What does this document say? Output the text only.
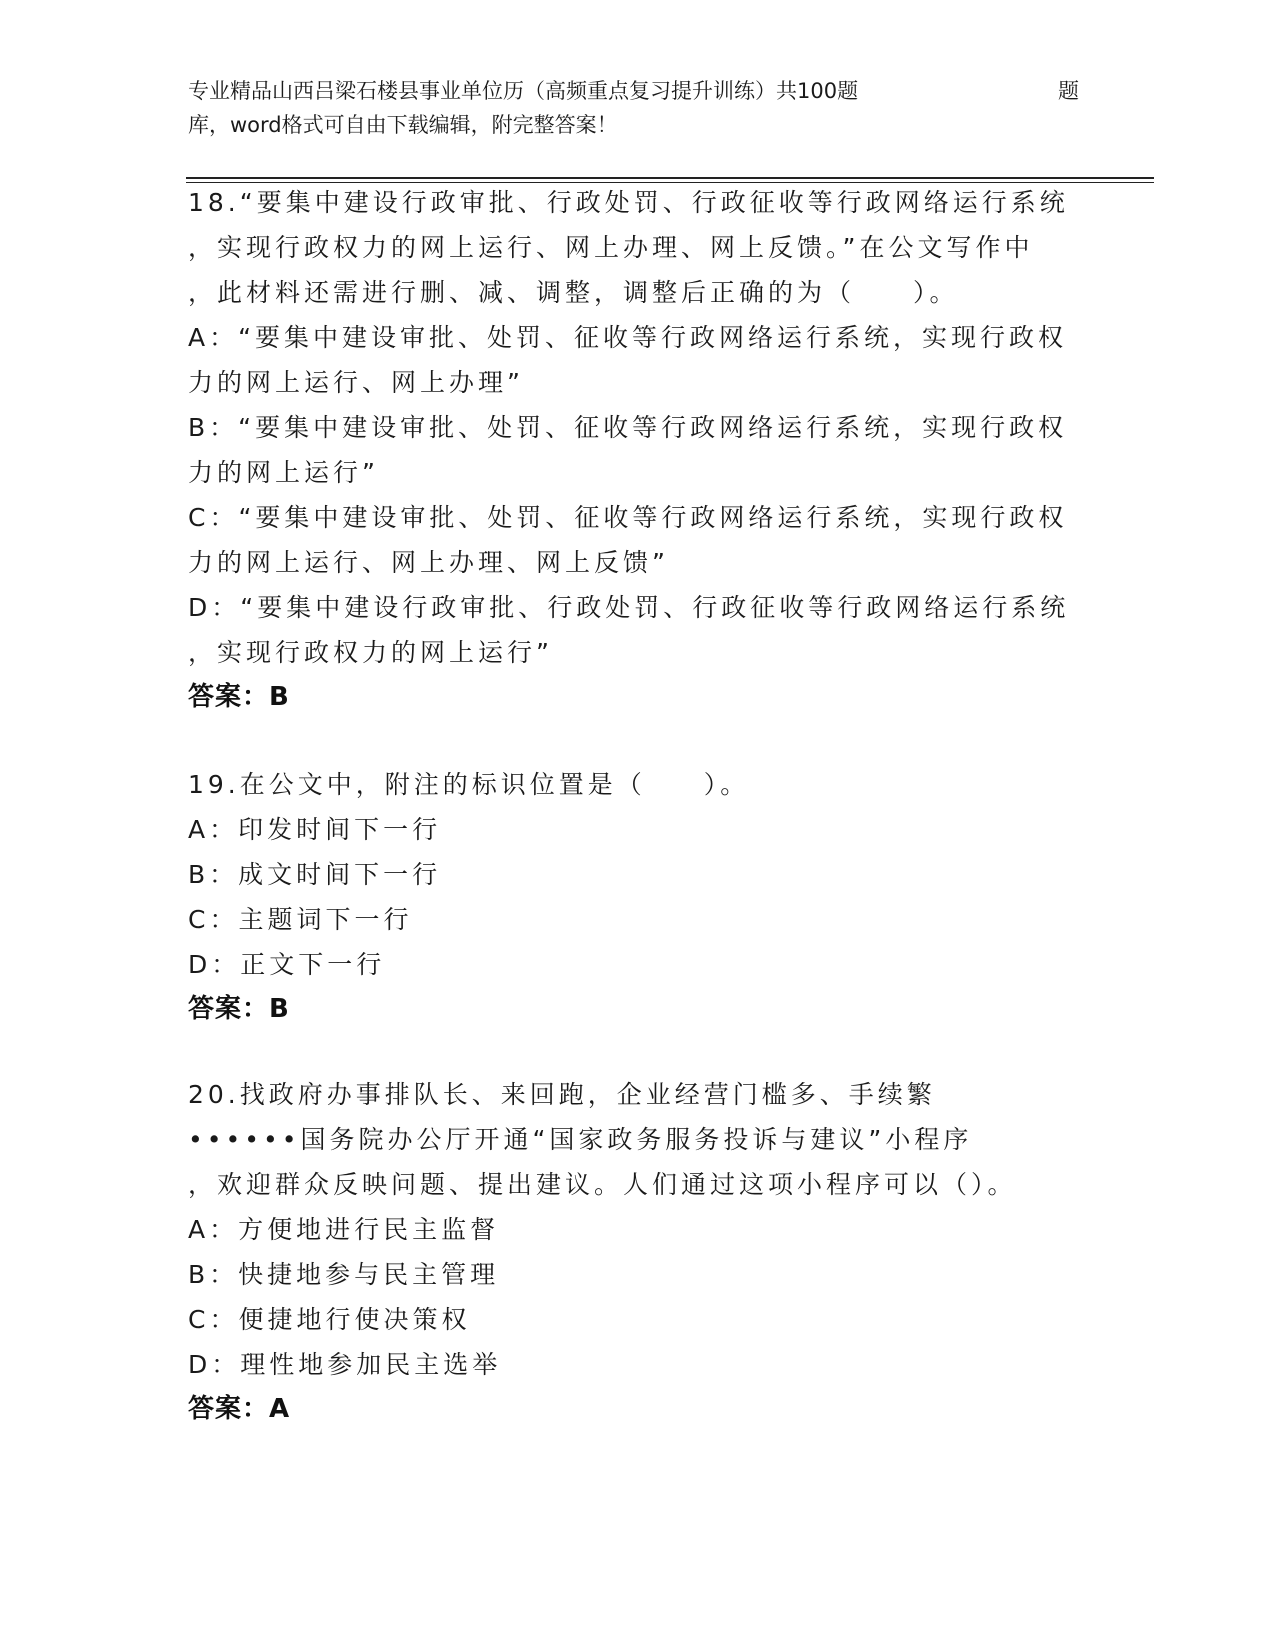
专业精品山西吕梁石楼县事业单位历（高频重点复习提升训练）共100题	题
库，word格式可自由下载编辑，附完整答案！
18.“要集中建设行政审批、行政处罚、行政征收等行政网络运行系统
，实现行政权力的网上运行、网上办理、网上反馈。”在公文写作中
，此材料还需进行删、减、调整，调整后正确的为（　　）。
A：“要集中建设审批、处罚、征收等行政网络运行系统，实现行政权
力的网上运行、网上办理”
B：“要集中建设审批、处罚、征收等行政网络运行系统，实现行政权
力的网上运行”
C：“要集中建设审批、处罚、征收等行政网络运行系统，实现行政权
力的网上运行、网上办理、网上反馈”
D：“要集中建设行政审批、行政处罚、行政征收等行政网络运行系统
，实现行政权力的网上运行”
答案：B
19.在公文中，附注的标识位置是（　　）。
A：印发时间下一行
B：成文时间下一行
C：主题词下一行
D：正文下一行
答案：B
20.找政府办事排队长、来回跑，企业经营门槛多、手续繁
••••••国务院办公厅开通“国家政务服务投诉与建议”小程序
，欢迎群众反映问题、提出建议。人们通过这项小程序可以（）。
A：方便地进行民主监督
B：快捷地参与民主管理
C：便捷地行使决策权
D：理性地参加民主选举
答案：A
